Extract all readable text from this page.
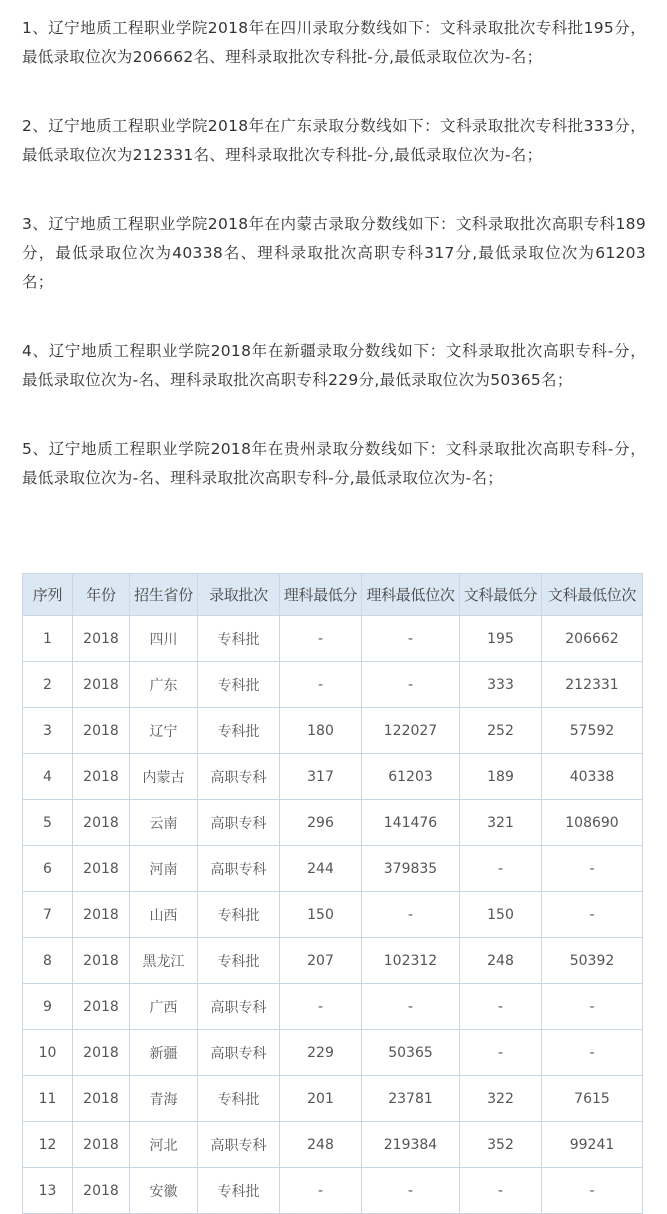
1、辽宁地质工程职业学院2018年在四川录取分数线如下：文科录取批次专科批195分，最低录取位次为206662名、理科录取批次专科批-分,最低录取位次为-名；

2、辽宁地质工程职业学院2018年在广东录取分数线如下：文科录取批次专科批333分，最低录取位次为212331名、理科录取批次专科批-分,最低录取位次为-名；

3、辽宁地质工程职业学院2018年在内蒙古录取分数线如下：文科录取批次高职专科189分，最低录取位次为40338名、理科录取批次高职专科317分,最低录取位次为61203名；

4、辽宁地质工程职业学院2018年在新疆录取分数线如下：文科录取批次高职专科-分，最低录取位次为-名、理科录取批次高职专科229分,最低录取位次为50365名；

5、辽宁地质工程职业学院2018年在贵州录取分数线如下：文科录取批次高职专科-分，最低录取位次为-名、理科录取批次高职专科-分,最低录取位次为-名；

序列	年份	招生省份	录取批次	理科最低分	理科最低位次	文科最低分	文科最低位次
1	2018	四川	专科批	-	-	195	206662
2	2018	广东	专科批	-	-	333	212331
3	2018	辽宁	专科批	180	122027	252	57592
4	2018	内蒙古	高职专科	317	61203	189	40338
5	2018	云南	高职专科	296	141476	321	108690
6	2018	河南	高职专科	244	379835	-	-
7	2018	山西	专科批	150	-	150	-
8	2018	黑龙江	专科批	207	102312	248	50392
9	2018	广西	高职专科	-	-	-	-
10	2018	新疆	高职专科	229	50365	-	-
11	2018	青海	专科批	201	23781	322	7615
12	2018	河北	高职专科	248	219384	352	99241
13	2018	安徽	专科批	-	-	-	-
